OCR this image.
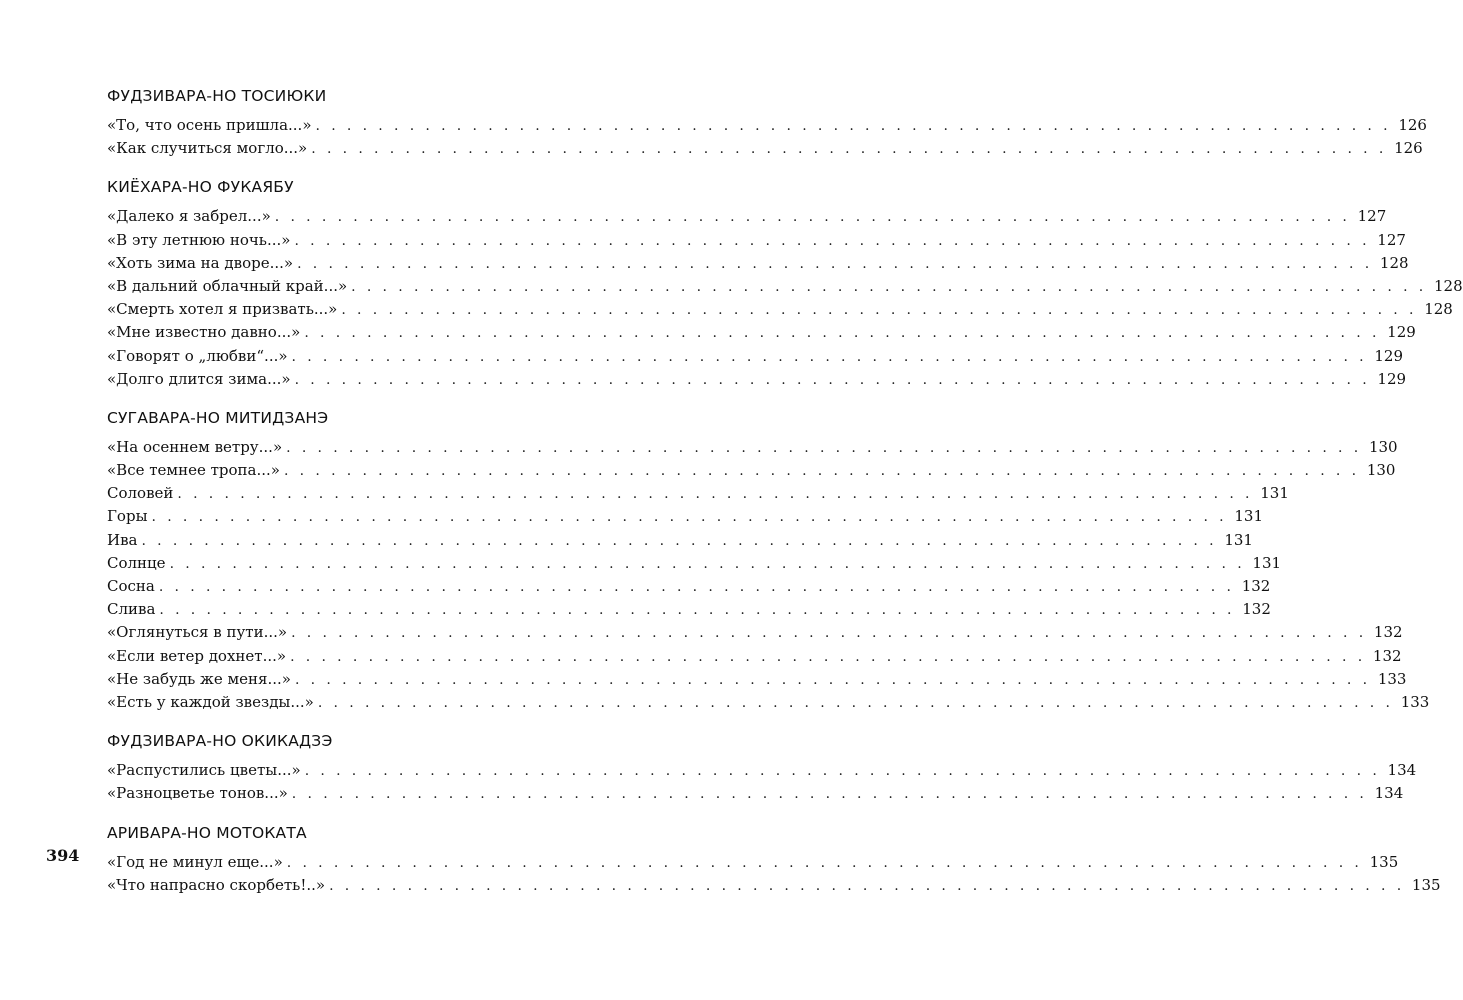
ФУДЗИВАРА-НО ТОСИЮКИ
«То, что осень пришла...» . . . . . . . . . . . . . . . . . . . . . . . . . . . . . . . . . . . . . . . . . . . . . . . . . . . . . . . . . . . . . . . . . . . . . 126
«Как случиться могло...» . . . . . . . . . . . . . . . . . . . . . . . . . . . . . . . . . . . . . . . . . . . . . . . . . . . . . . . . . . . . . . . . . . . . . 126
КИЁХАРА-НО ФУКАЯБУ
«Далеко я забрел...» . . . . . . . . . . . . . . . . . . . . . . . . . . . . . . . . . . . . . . . . . . . . . . . . . . . . . . . . . . . . . . . . . . . . . 127
«В эту летнюю ночь...» . . . . . . . . . . . . . . . . . . . . . . . . . . . . . . . . . . . . . . . . . . . . . . . . . . . . . . . . . . . . . . . . . . . . . 127
«Хоть зима на дворе...» . . . . . . . . . . . . . . . . . . . . . . . . . . . . . . . . . . . . . . . . . . . . . . . . . . . . . . . . . . . . . . . . . . . . . 128
«В дальний облачный край...» . . . . . . . . . . . . . . . . . . . . . . . . . . . . . . . . . . . . . . . . . . . . . . . . . . . . . . . . . . . . . . . . . . . . . 128
«Смерть хотел я призвать...» . . . . . . . . . . . . . . . . . . . . . . . . . . . . . . . . . . . . . . . . . . . . . . . . . . . . . . . . . . . . . . . . . . . . . 128
«Мне известно давно...» . . . . . . . . . . . . . . . . . . . . . . . . . . . . . . . . . . . . . . . . . . . . . . . . . . . . . . . . . . . . . . . . . . . . . 129
«Говорят о „любви“...» . . . . . . . . . . . . . . . . . . . . . . . . . . . . . . . . . . . . . . . . . . . . . . . . . . . . . . . . . . . . . . . . . . . . . 129
«Долго длится зима...» . . . . . . . . . . . . . . . . . . . . . . . . . . . . . . . . . . . . . . . . . . . . . . . . . . . . . . . . . . . . . . . . . . . . . 129
СУГАВАРА-НО МИТИДЗАНЭ
«На осеннем ветру...» . . . . . . . . . . . . . . . . . . . . . . . . . . . . . . . . . . . . . . . . . . . . . . . . . . . . . . . . . . . . . . . . . . . . . 130
«Все темнее тропа...» . . . . . . . . . . . . . . . . . . . . . . . . . . . . . . . . . . . . . . . . . . . . . . . . . . . . . . . . . . . . . . . . . . . . . 130
Соловей . . . . . . . . . . . . . . . . . . . . . . . . . . . . . . . . . . . . . . . . . . . . . . . . . . . . . . . . . . . . . . . . . . . . . 131
Горы . . . . . . . . . . . . . . . . . . . . . . . . . . . . . . . . . . . . . . . . . . . . . . . . . . . . . . . . . . . . . . . . . . . . . 131
Ива . . . . . . . . . . . . . . . . . . . . . . . . . . . . . . . . . . . . . . . . . . . . . . . . . . . . . . . . . . . . . . . . . . . . . 131
Солнце . . . . . . . . . . . . . . . . . . . . . . . . . . . . . . . . . . . . . . . . . . . . . . . . . . . . . . . . . . . . . . . . . . . . . 131
Сосна . . . . . . . . . . . . . . . . . . . . . . . . . . . . . . . . . . . . . . . . . . . . . . . . . . . . . . . . . . . . . . . . . . . . . 132
Слива . . . . . . . . . . . . . . . . . . . . . . . . . . . . . . . . . . . . . . . . . . . . . . . . . . . . . . . . . . . . . . . . . . . . . 132
«Оглянуться в пути...» . . . . . . . . . . . . . . . . . . . . . . . . . . . . . . . . . . . . . . . . . . . . . . . . . . . . . . . . . . . . . . . . . . . . . 132
«Если ветер дохнет...» . . . . . . . . . . . . . . . . . . . . . . . . . . . . . . . . . . . . . . . . . . . . . . . . . . . . . . . . . . . . . . . . . . . . . 132
«Не забудь же меня...» . . . . . . . . . . . . . . . . . . . . . . . . . . . . . . . . . . . . . . . . . . . . . . . . . . . . . . . . . . . . . . . . . . . . . 133
«Есть у каждой звезды...» . . . . . . . . . . . . . . . . . . . . . . . . . . . . . . . . . . . . . . . . . . . . . . . . . . . . . . . . . . . . . . . . . . . . . 133
ФУДЗИВАРА-НО ОКИКАДЗЭ
«Распустились цветы...» . . . . . . . . . . . . . . . . . . . . . . . . . . . . . . . . . . . . . . . . . . . . . . . . . . . . . . . . . . . . . . . . . . . . . 134
«Разноцветье тонов...» . . . . . . . . . . . . . . . . . . . . . . . . . . . . . . . . . . . . . . . . . . . . . . . . . . . . . . . . . . . . . . . . . . . . . 134
АРИВАРА-НО МОТОКАТА
«Год не минул еще...» . . . . . . . . . . . . . . . . . . . . . . . . . . . . . . . . . . . . . . . . . . . . . . . . . . . . . . . . . . . . . . . . . . . . . 135
«Что напрасно скорбеть!..» . . . . . . . . . . . . . . . . . . . . . . . . . . . . . . . . . . . . . . . . . . . . . . . . . . . . . . . . . . . . . . . . . . . . . 135
394
